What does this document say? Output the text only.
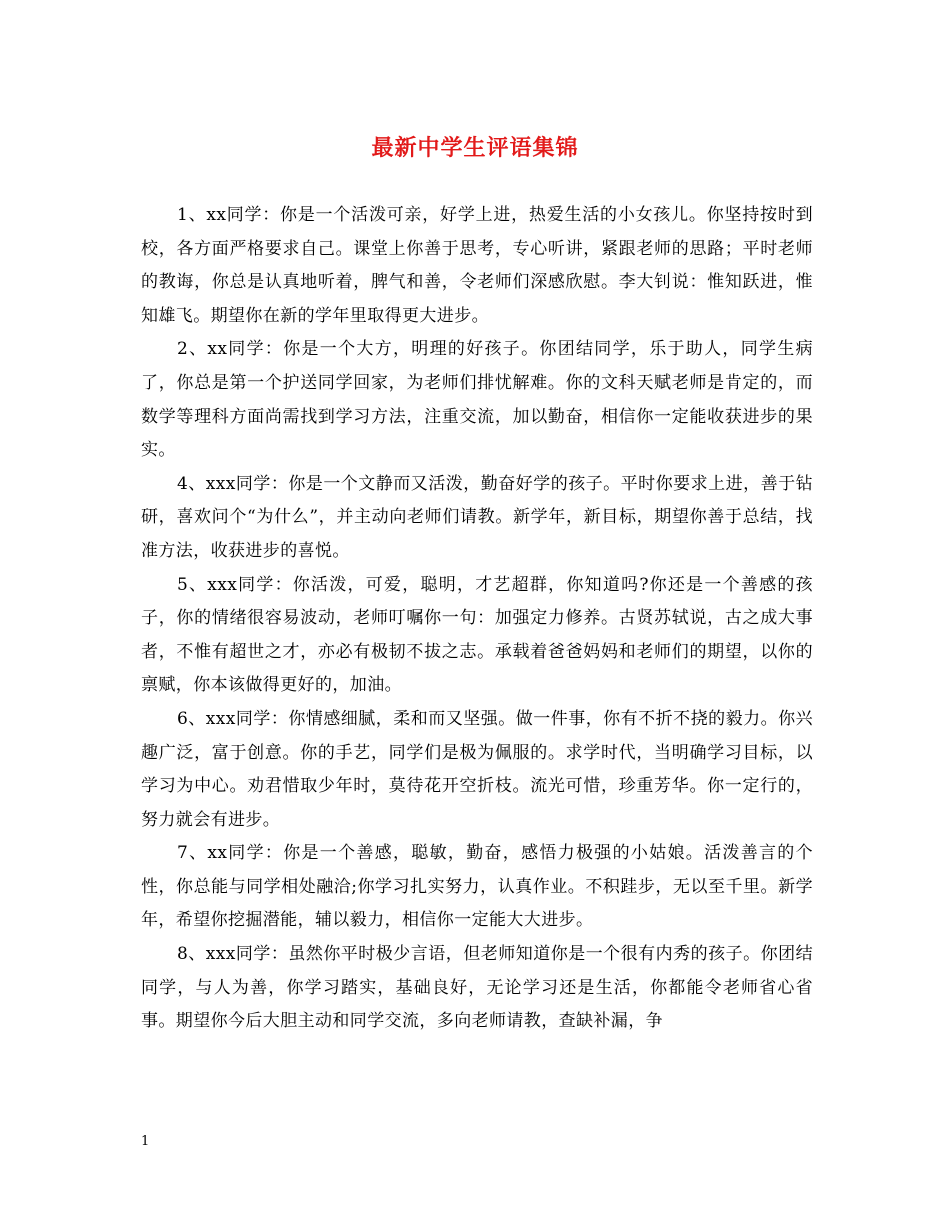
最新中学生评语集锦

1、xx同学：你是一个活泼可亲，好学上进，热爱生活的小女孩儿。你坚持按时到校，各方面严格要求自己。课堂上你善于思考，专心听讲，紧跟老师的思路；平时老师的教诲，你总是认真地听着，脾气和善，令老师们深感欣慰。李大钊说：惟知跃进，惟知雄飞。期望你在新的学年里取得更大进步。

2、xx同学：你是一个大方，明理的好孩子。你团结同学，乐于助人，同学生病了，你总是第一个护送同学回家，为老师们排忧解难。你的文科天赋老师是肯定的，而数学等理科方面尚需找到学习方法，注重交流，加以勤奋，相信你一定能收获进步的果实。

4、xxx同学：你是一个文静而又活泼，勤奋好学的孩子。平时你要求上进，善于钻研，喜欢问个“为什么”，并主动向老师们请教。新学年，新目标，期望你善于总结，找准方法，收获进步的喜悦。

5、xxx同学：你活泼，可爱，聪明，才艺超群，你知道吗?你还是一个善感的孩子，你的情绪很容易波动，老师叮嘱你一句：加强定力修养。古贤苏轼说，古之成大事者，不惟有超世之才，亦必有极韧不拔之志。承载着爸爸妈妈和老师们的期望，以你的禀赋，你本该做得更好的，加油。

6、xxx同学：你情感细腻，柔和而又坚强。做一件事，你有不折不挠的毅力。你兴趣广泛，富于创意。你的手艺，同学们是极为佩服的。求学时代，当明确学习目标，以学习为中心。劝君惜取少年时，莫待花开空折枝。流光可惜，珍重芳华。你一定行的，努力就会有进步。

7、xx同学：你是一个善感，聪敏，勤奋，感悟力极强的小姑娘。活泼善言的个性，你总能与同学相处融洽;你学习扎实努力，认真作业。不积跬步，无以至千里。新学年，希望你挖掘潜能，辅以毅力，相信你一定能大大进步。

8、xxx同学：虽然你平时极少言语，但老师知道你是一个很有内秀的孩子。你团结同学，与人为善，你学习踏实，基础良好，无论学习还是生活，你都能令老师省心省事。期望你今后大胆主动和同学交流，多向老师请教，查缺补漏，争

1
